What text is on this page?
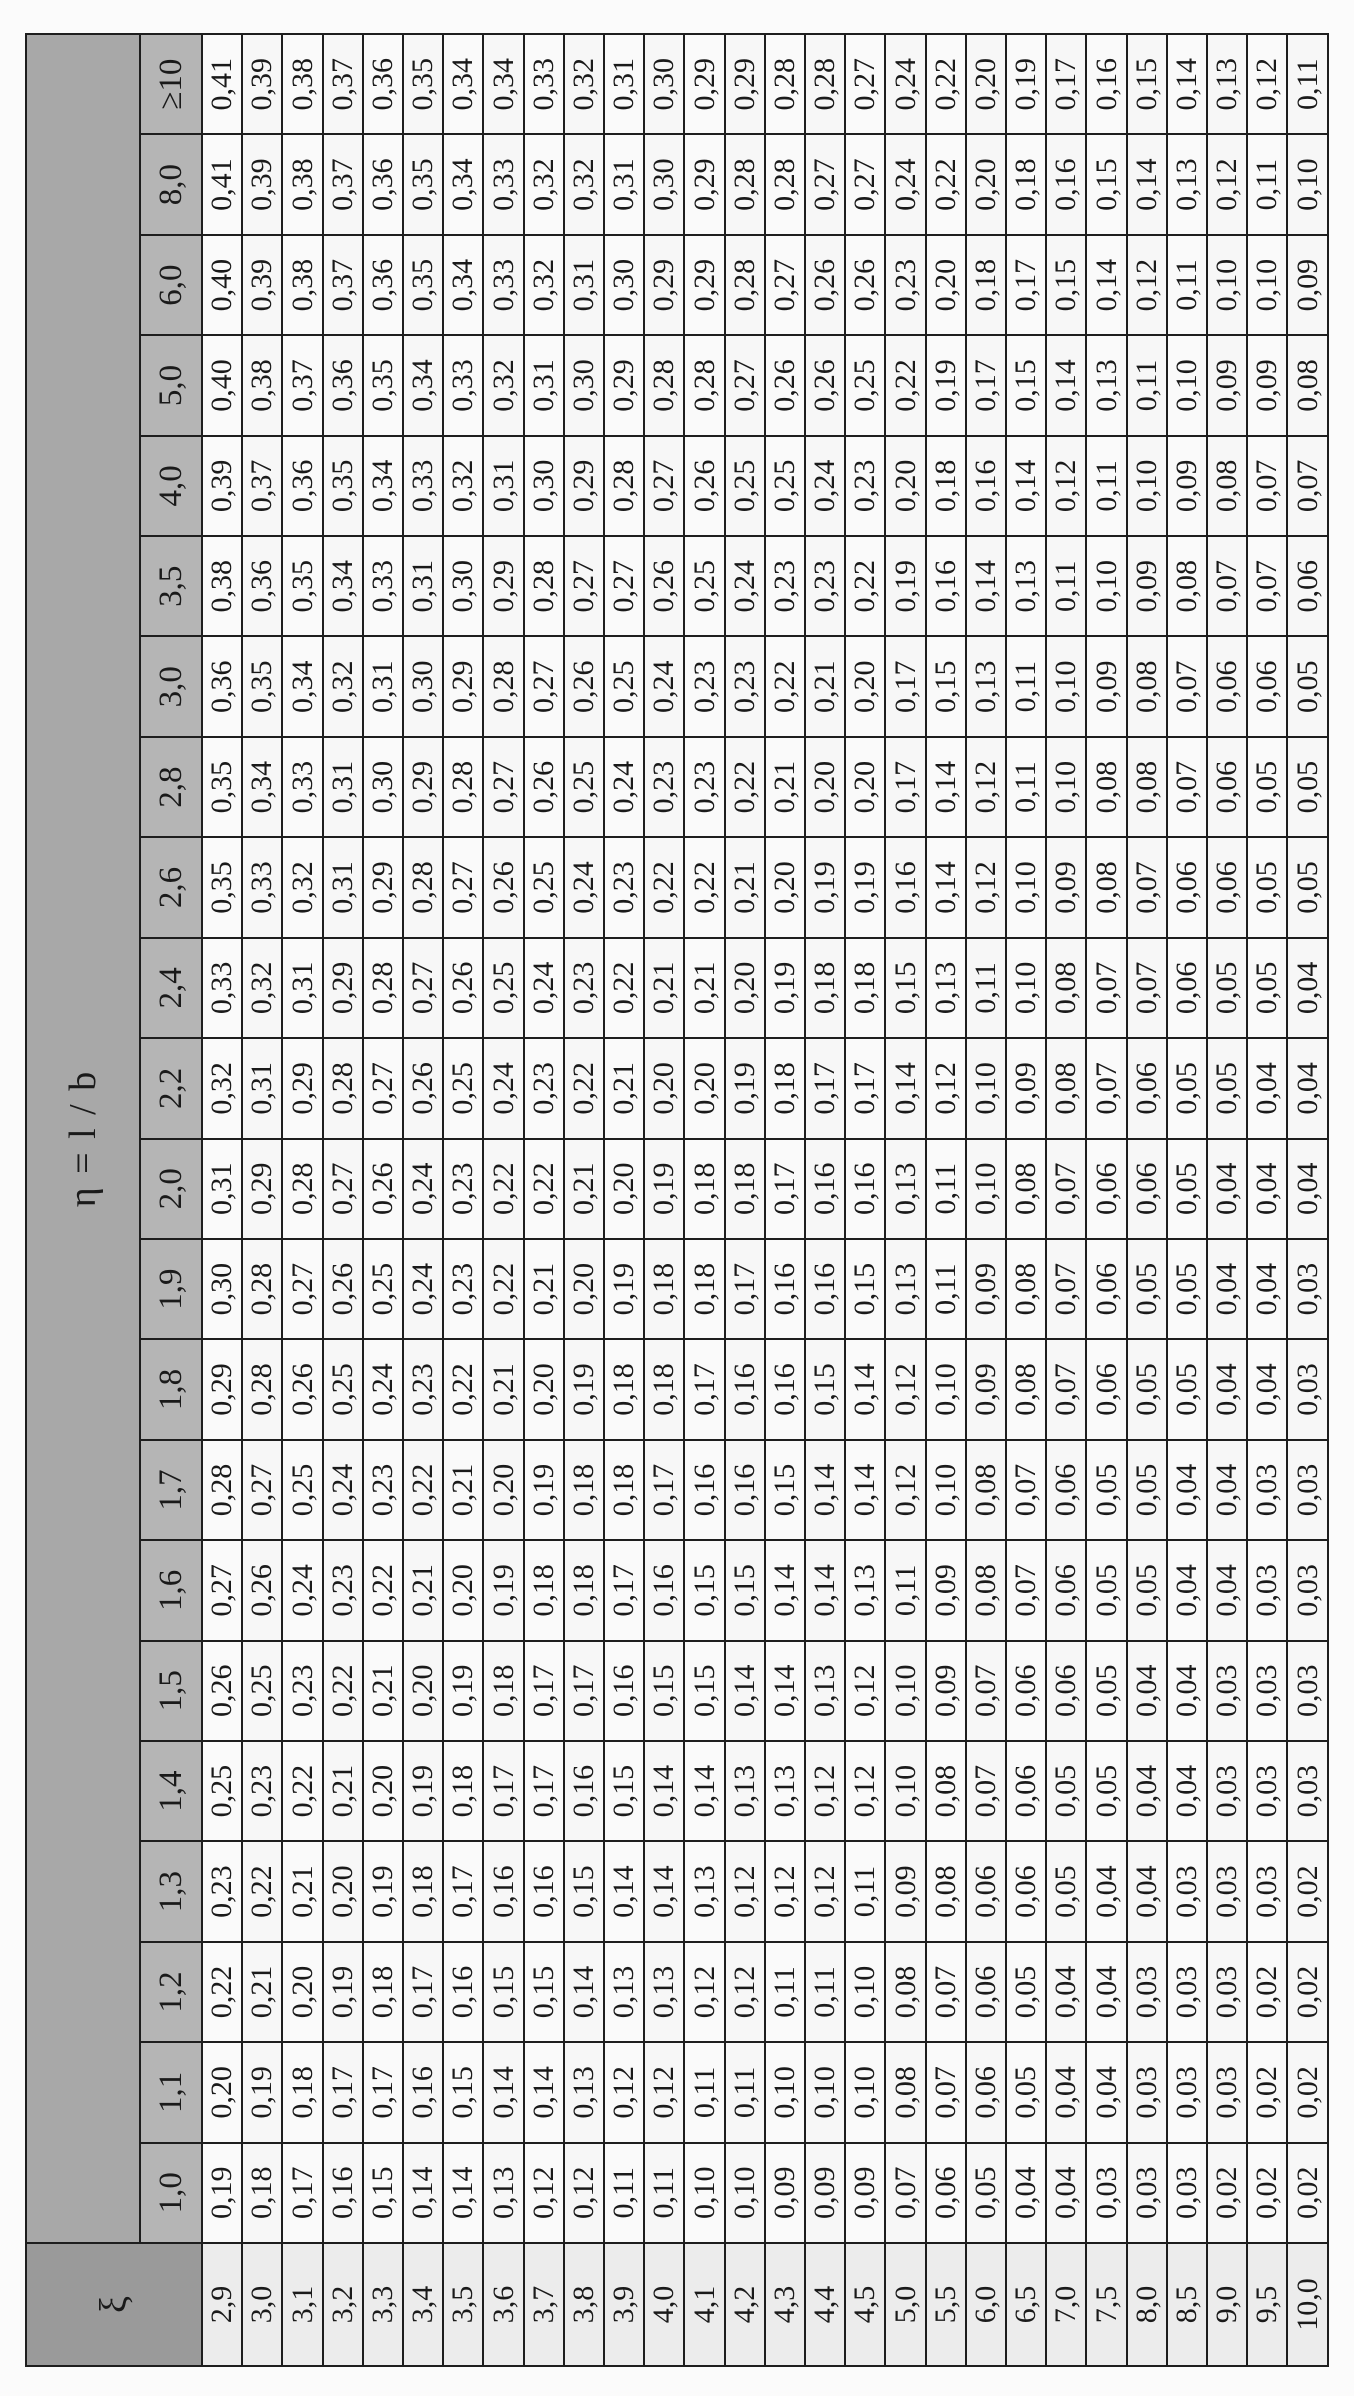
ξ	η = l / b																					
	1,0	1,1	1,2	1,3	1,4	1,5	1,6	1,7	1,8	1,9	2,0	2,2	2,4	2,6	2,8	3,0	3,5	4,0	5,0	6,0	8,0	≥10
2,9	0,19	0,20	0,22	0,23	0,25	0,26	0,27	0,28	0,29	0,30	0,31	0,32	0,33	0,35	0,35	0,36	0,38	0,39	0,40	0,40	0,41	0,41
3,0	0,18	0,19	0,21	0,22	0,23	0,25	0,26	0,27	0,28	0,28	0,29	0,31	0,32	0,33	0,34	0,35	0,36	0,37	0,38	0,39	0,39	0,39
3,1	0,17	0,18	0,20	0,21	0,22	0,23	0,24	0,25	0,26	0,27	0,28	0,29	0,31	0,32	0,33	0,34	0,35	0,36	0,37	0,38	0,38	0,38
3,2	0,16	0,17	0,19	0,20	0,21	0,22	0,23	0,24	0,25	0,26	0,27	0,28	0,29	0,31	0,31	0,32	0,34	0,35	0,36	0,37	0,37	0,37
3,3	0,15	0,17	0,18	0,19	0,20	0,21	0,22	0,23	0,24	0,25	0,26	0,27	0,28	0,29	0,30	0,31	0,33	0,34	0,35	0,36	0,36	0,36
3,4	0,14	0,16	0,17	0,18	0,19	0,20	0,21	0,22	0,23	0,24	0,24	0,26	0,27	0,28	0,29	0,30	0,31	0,33	0,34	0,35	0,35	0,35
3,5	0,14	0,15	0,16	0,17	0,18	0,19	0,20	0,21	0,22	0,23	0,23	0,25	0,26	0,27	0,28	0,29	0,30	0,32	0,33	0,34	0,34	0,34
3,6	0,13	0,14	0,15	0,16	0,17	0,18	0,19	0,20	0,21	0,22	0,22	0,24	0,25	0,26	0,27	0,28	0,29	0,31	0,32	0,33	0,33	0,34
3,7	0,12	0,14	0,15	0,16	0,17	0,17	0,18	0,19	0,20	0,21	0,22	0,23	0,24	0,25	0,26	0,27	0,28	0,30	0,31	0,32	0,32	0,33
3,8	0,12	0,13	0,14	0,15	0,16	0,17	0,18	0,18	0,19	0,20	0,21	0,22	0,23	0,24	0,25	0,26	0,27	0,29	0,30	0,31	0,32	0,32
3,9	0,11	0,12	0,13	0,14	0,15	0,16	0,17	0,18	0,18	0,19	0,20	0,21	0,22	0,23	0,24	0,25	0,27	0,28	0,29	0,30	0,31	0,31
4,0	0,11	0,12	0,13	0,14	0,14	0,15	0,16	0,17	0,18	0,18	0,19	0,20	0,21	0,22	0,23	0,24	0,26	0,27	0,28	0,29	0,30	0,30
4,1	0,10	0,11	0,12	0,13	0,14	0,15	0,15	0,16	0,17	0,18	0,18	0,20	0,21	0,22	0,23	0,23	0,25	0,26	0,28	0,29	0,29	0,29
4,2	0,10	0,11	0,12	0,12	0,13	0,14	0,15	0,16	0,16	0,17	0,18	0,19	0,20	0,21	0,22	0,23	0,24	0,25	0,27	0,28	0,28	0,29
4,3	0,09	0,10	0,11	0,12	0,13	0,14	0,14	0,15	0,16	0,16	0,17	0,18	0,19	0,20	0,21	0,22	0,23	0,25	0,26	0,27	0,28	0,28
4,4	0,09	0,10	0,11	0,12	0,12	0,13	0,14	0,14	0,15	0,16	0,16	0,17	0,18	0,19	0,20	0,21	0,23	0,24	0,26	0,26	0,27	0,28
4,5	0,09	0,10	0,10	0,11	0,12	0,12	0,13	0,14	0,14	0,15	0,16	0,17	0,18	0,19	0,20	0,20	0,22	0,23	0,25	0,26	0,27	0,27
5,0	0,07	0,08	0,08	0,09	0,10	0,10	0,11	0,12	0,12	0,13	0,13	0,14	0,15	0,16	0,17	0,17	0,19	0,20	0,22	0,23	0,24	0,24
5,5	0,06	0,07	0,07	0,08	0,08	0,09	0,09	0,10	0,10	0,11	0,11	0,12	0,13	0,14	0,14	0,15	0,16	0,18	0,19	0,20	0,22	0,22
6,0	0,05	0,06	0,06	0,06	0,07	0,07	0,08	0,08	0,09	0,09	0,10	0,10	0,11	0,12	0,12	0,13	0,14	0,16	0,17	0,18	0,20	0,20
6,5	0,04	0,05	0,05	0,06	0,06	0,06	0,07	0,07	0,08	0,08	0,08	0,09	0,10	0,10	0,11	0,11	0,13	0,14	0,15	0,17	0,18	0,19
7,0	0,04	0,04	0,04	0,05	0,05	0,06	0,06	0,06	0,07	0,07	0,07	0,08	0,08	0,09	0,10	0,10	0,11	0,12	0,14	0,15	0,16	0,17
7,5	0,03	0,04	0,04	0,04	0,05	0,05	0,05	0,05	0,06	0,06	0,06	0,07	0,07	0,08	0,08	0,09	0,10	0,11	0,13	0,14	0,15	0,16
8,0	0,03	0,03	0,03	0,04	0,04	0,04	0,05	0,05	0,05	0,05	0,06	0,06	0,07	0,07	0,08	0,08	0,09	0,10	0,11	0,12	0,14	0,15
8,5	0,03	0,03	0,03	0,03	0,04	0,04	0,04	0,04	0,05	0,05	0,05	0,05	0,06	0,06	0,07	0,07	0,08	0,09	0,10	0,11	0,13	0,14
9,0	0,02	0,03	0,03	0,03	0,03	0,03	0,04	0,04	0,04	0,04	0,04	0,05	0,05	0,06	0,06	0,06	0,07	0,08	0,09	0,10	0,12	0,13
9,5	0,02	0,02	0,02	0,03	0,03	0,03	0,03	0,03	0,04	0,04	0,04	0,04	0,05	0,05	0,05	0,06	0,07	0,07	0,09	0,10	0,11	0,12
10,0	0,02	0,02	0,02	0,02	0,03	0,03	0,03	0,03	0,03	0,03	0,04	0,04	0,04	0,05	0,05	0,05	0,06	0,07	0,08	0,09	0,10	0,11
